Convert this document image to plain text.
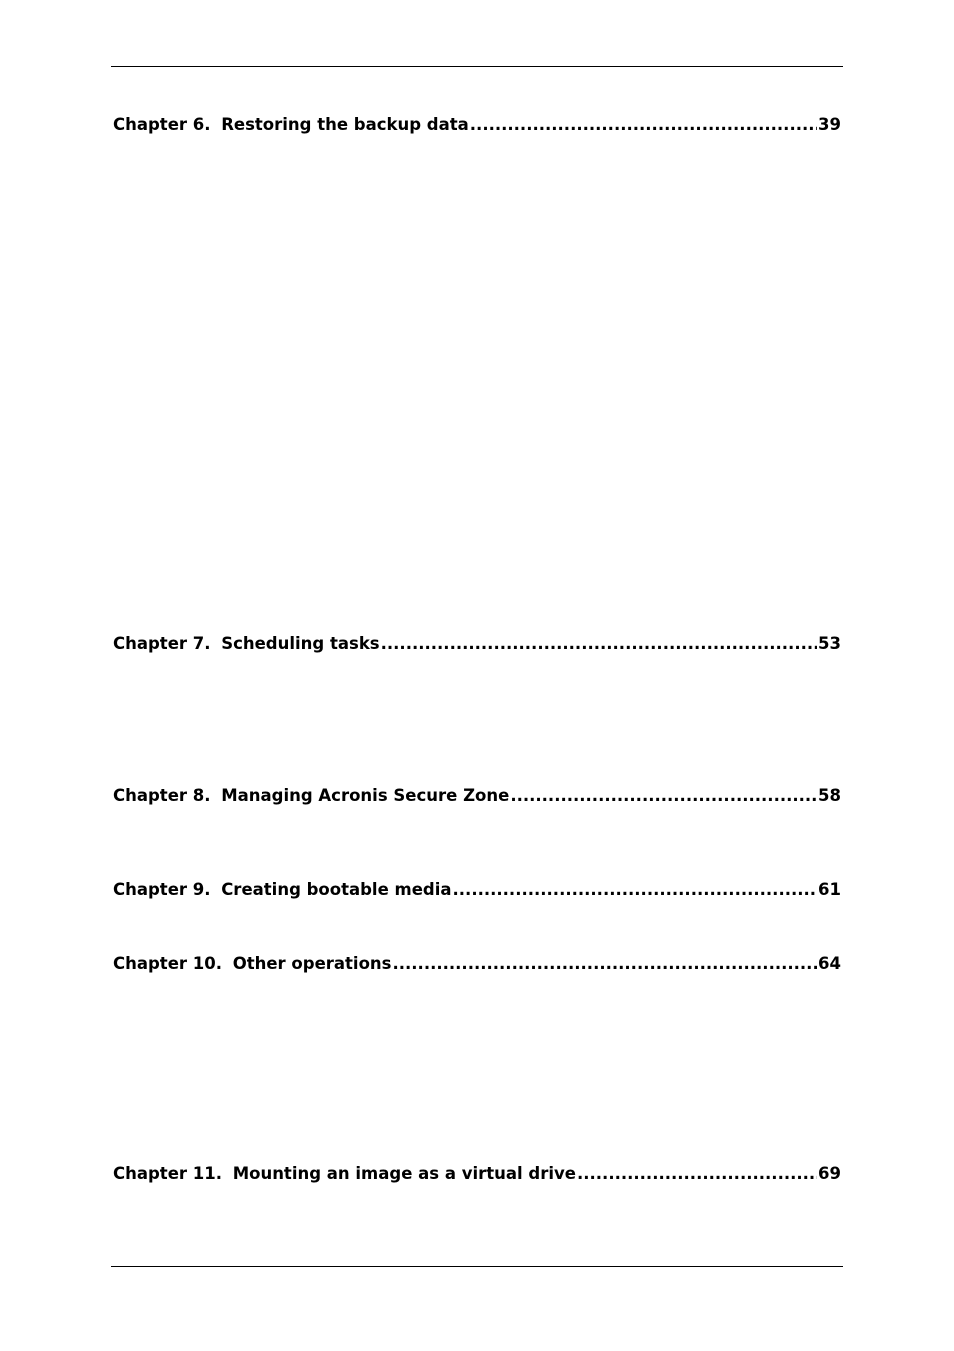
Chapter 6. Restoring the backup data .....	39
Chapter 7. Scheduling tasks .....	53
Chapter 8. Managing Acronis Secure Zone .....	58
Chapter 9. Creating bootable media .....	61
Chapter 10. Other operations .....	64
Chapter 11. Mounting an image as a virtual drive .....	69
